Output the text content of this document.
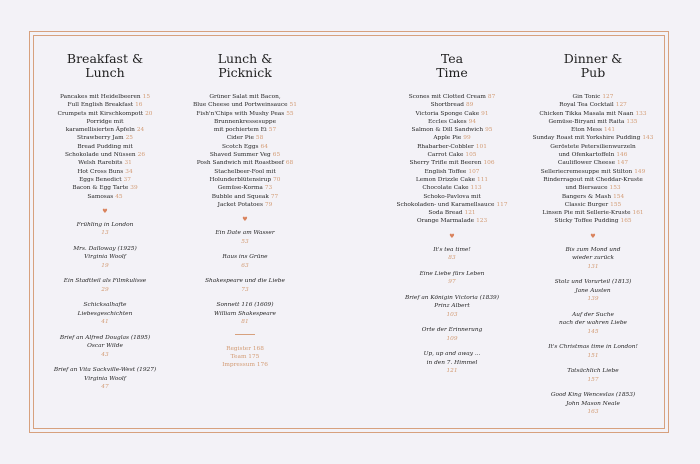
Breakfast &
Lunch
Pancakes mit Heidelbeeren 15
Full English Breakfast 16
Crumpets mit Kirschkompott 20
Porridge mit
karamellisierten Äpfeln 24
Strawberry Jam 25
Bread Pudding mit
Schokolade und Nüssen 26
Welsh Rarebits 31
Hot Cross Buns 34
Eggs Benedict 37
Bacon & Egg Tarte 39
Samosas 45
♥
Frühling in London
13
Mrs. Dalloway (1925)
Virginia Woolf
19
Ein Stadtteil als Filmkulisse
29
Schicksalhafte
Liebesgeschichten
41
Brief an Alfred Douglas (1895)
Oscar Wilde
43
Brief an Vita Sackville-West (1927)
Virginia Woolf
47
Lunch &
Picknick
Grüner Salat mit Bacon,
Blue Cheese und Portweinsauce 51
Fish'n'Chips with Mushy Peas 55
Brunnenkressesuppe
mit pochiertem Ei 57
Cider Pie 58
Scotch Eggs 64
Shaved Summer Veg 65
Posh Sandwich mit Roastbeef 68
Stachelbeer-Fool mit
Holunderblütensirup 70
Gemüse-Korma 73
Bubble and Squeak 77
Jacket Potatoes 79
♥
Ein Date am Wasser
53
Raus ins Grüne
63
Shakespeare und die Liebe
73
Sonnett 116 (1609)
William Shakespeare
81
Register 168
Team 175
Impressum 176
Tea
Time
Scones mit Clotted Cream 87
Shortbread 89
Victoria Sponge Cake 91
Eccles Cakes 94
Salmon & Dill Sandwich 95
Apple Pie 99
Rhabarber-Cobbler 101
Carrot Cake 105
Sherry Trifle mit Beeren 106
English Toffee 107
Lemon Drizzle Cake 111
Chocolate Cake 113
Schoko-Pavlova mit
Schokoladen- und Karamellsauce 117
Soda Bread 121
Orange Marmalade 123
♥
It's tea time!
83
Eine Liebe fürs Leben
97
Brief an Königin Victoria (1839)
Prinz Albert
103
Orte der Erinnerung
109
Up, up and away ...
in den 7. Himmel
121
Dinner &
Pub
Gin Tonic 127
Royal Tea Cocktail 127
Chicken Tikka Masala mit Naan 133
Gemüse-Biryani mit Raita 135
Eton Mess 141
Sunday Roast mit Yorkshire Pudding 143
Geröstete Petersilienwurzeln
und Ofenkartoffeln 146
Cauliflower Cheese 147
Selleriecremesuppe mit Stilton 149
Rinderragout mit Cheddar-Kruste
und Biersauce 153
Bangers & Mash 154
Classic Burger 155
Linsen Pie mit Sellerie-Kruste 161
Sticky Toffee Pudding 165
♥
Bis zum Mond und
wieder zurück
131
Stolz und Vorurteil (1813)
Jane Austen
139
Auf der Suche
nach der wahren Liebe
145
It's Christmas time in London!
151
Tatsächlich Liebe
157
Good King Wenceslas (1853)
John Mason Neale
163
